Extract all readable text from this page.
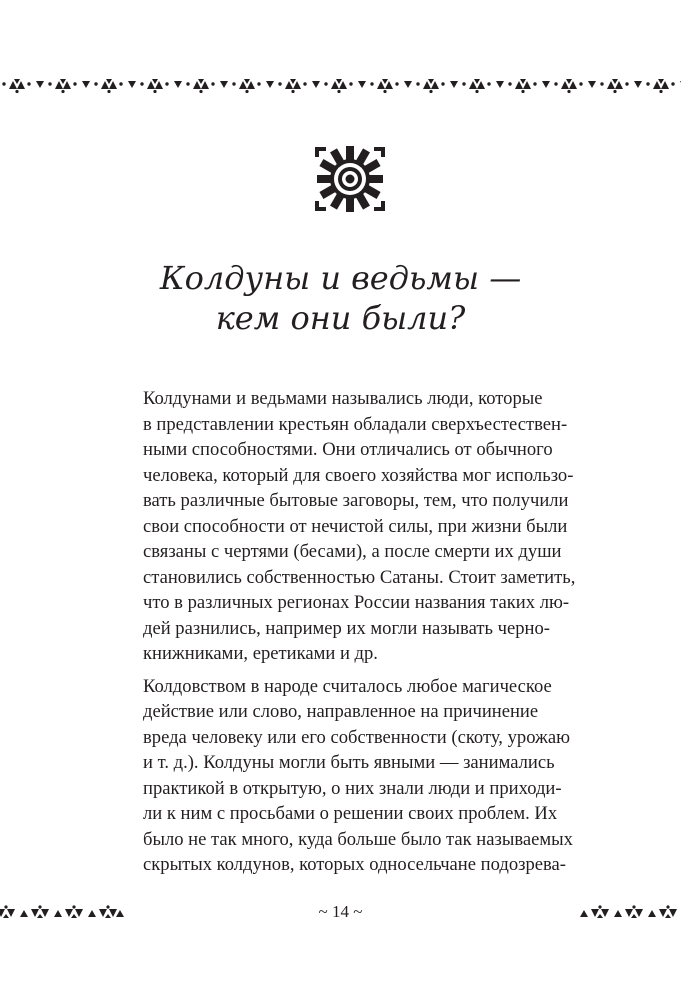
Колдуны и ведьмы —
кем они были?
Колдунами и ведьмами назывались люди, которые
в представлении крестьян обладали сверхъестествен-
ными способностями. Они отличались от обычного
человека, который для своего хозяйства мог использо-
вать различные бытовые заговоры, тем, что получили
свои способности от нечистой силы, при жизни были
связаны с чертями (бесами), а после смерти их души
становились собственностью Сатаны. Стоит заметить,
что в различных регионах России названия таких лю-
дей разнились, например их могли называть черно-
книжниками, еретиками и др.
Колдовством в народе считалось любое магическое
действие или слово, направленное на причинение
вреда человеку или его собственности (скоту, урожаю
и т. д.). Колдуны могли быть явными — занимались
практикой в открытую, о них знали люди и приходи-
ли к ним с просьбами о решении своих проблем. Их
было не так много, куда больше было так называемых
скрытых колдунов, которых односельчане подозрева-
~ 14 ~
